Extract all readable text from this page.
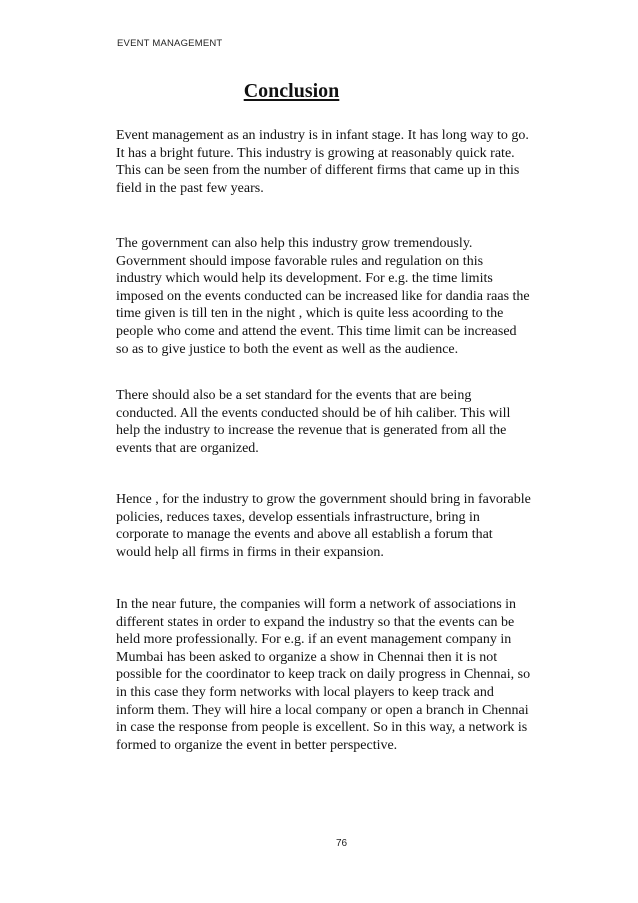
EVENT MANAGEMENT
Conclusion
Event management as an industry is in infant stage. It has long way to go.
It has a bright future. This industry is growing at reasonably quick rate.
This can be seen from the number of different firms that came up in this
field in the past few years.
The government can also help this industry grow tremendously.
Government should impose favorable rules and regulation on this
industry which would help its development. For e.g. the time limits
imposed on the events conducted can be increased like for dandia raas the
time given is till ten in the night , which is quite less acoording to the
people who come and attend the event. This time limit can be increased
so as to give justice to both the event as well as the audience.
There should also be a set standard for the events that are being
conducted. All the events conducted should be of hih caliber. This will
help the industry to increase the revenue that is generated from all the
events that are organized.
Hence , for the industry to grow the government should bring in favorable
policies, reduces taxes, develop essentials infrastructure, bring in
corporate to manage the events and above all establish a forum that
would help all firms in firms in their expansion.
In the near future, the companies will form a network of associations in
different states in order to expand the industry so that the events can be
held more professionally. For e.g. if an event management company in
Mumbai has been asked to organize a show in Chennai then it is not
possible for the coordinator to keep track on daily progress in Chennai, so
in this case they form networks with local players to keep track and
inform them. They will hire a local company or open a branch in Chennai
in case the response from people is excellent. So in this way, a network is
formed to organize the event in better perspective.
76
